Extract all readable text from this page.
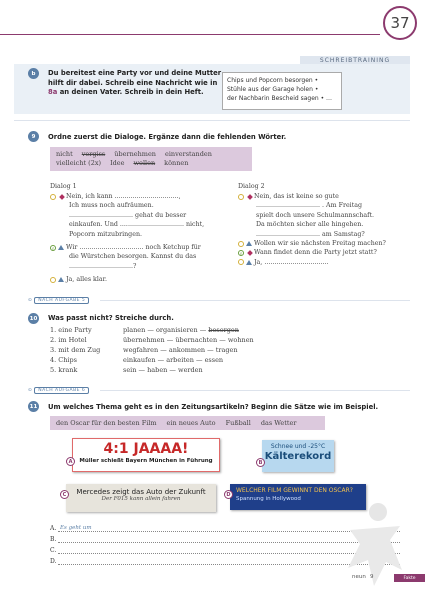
37
SCHREIBTRAINING
b	Du bereitest eine Party vor und deine Mutter
hilft dir dabei. Schreib eine Nachricht wie in
8a an deinen Vater. Schreib in dein Heft.
Chips und Popcorn besorgen •
Stühle aus der Garage holen •
der Nachbarin Bescheid sagen • …
9	Ordne zuerst die Dialoge. Ergänze dann die fehlenden Wörter.
nicht vergiss übernehmen einverstanden
vielleicht (2x) Idee wollen können
Dialog 1
Nein, ich kann ................................,
Ich muss noch aufräumen.
................................ gehat du besser
einkaufen. Und ................................ nicht,
Popcorn mitzubringen.
f Wir ................................ noch Ketchup für
die Würstchen besorgen. Kannst du das
................................?
Ja, alles klar.
Dialog 2
Nein, das ist keine so gute
................................ . Am Freitag
spielt doch unsere Schulmannschaft.
Da möchten sicher alle hingehen.
................................ am Samstag?
Wollen wir sie nächsten Freitag machen?
f Wann findet denn die Party jetzt statt?
Ja, ................................
⊙ NACH AUFGABE 5
10 Was passt nicht? Streiche durch.
1. eine Party	planen — organisieren — besorgen
2. im Hotel	übernehmen — übernachten — wohnen
3. mit dem Zug	wegfahren — ankommen — tragen
4. Chips	einkaufen — arbeiten — essen
5. krank	sein — haben — werden
⊙ NACH AUFGABE 6
11 Um welches Thema geht es in den Zeitungsartikeln? Beginn die Sätze wie im Beispiel.
den Oscar für den besten Film ein neues Auto Fußball das Wetter
4:1 JAAAA!
Müller schießt Bayern München in Führung
A
Schnee und -25°C
Kälterekord
B
Mercedes zeigt das Auto der Zukunft
Der F015 kann allein fahren
C
WELCHER FILM GEWINNT DEN OSCAR?
Spannung in Hollywood
D
A. Es geht um

B.

C.

D.

neun 9	Fakte
